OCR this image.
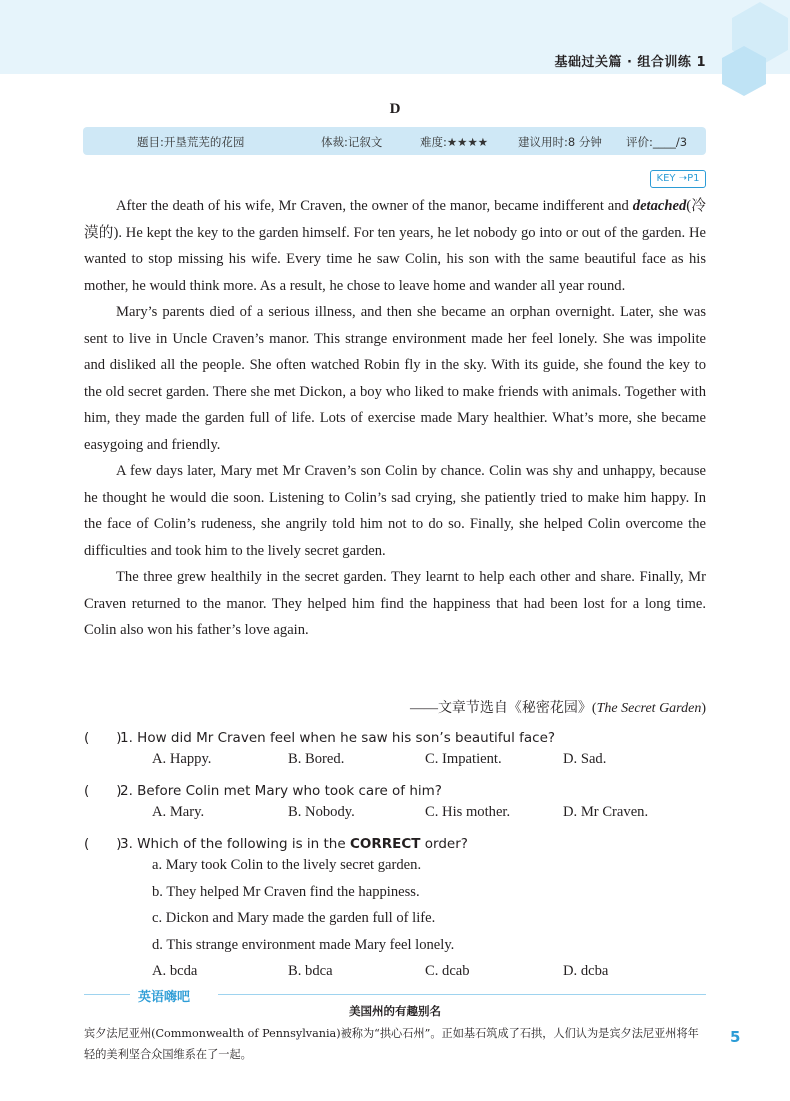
基础过关篇 · 组合训练 1
D
题目:开垦荒芜的花园	体裁:记叙文	难度:★★★★	建议用时:8 分钟 评价:____/3
KEY ➝P1

After the death of his wife, Mr Craven, the owner of the manor, became indifferent and detached(冷漠的). He kept the key to the garden himself. For ten years, he let nobody go into or out of the garden. He wanted to stop missing his wife. Every time he saw Colin, his son with the same beautiful face as his mother, he would think more. As a result, he chose to leave home and wander all year round.

Mary’s parents died of a serious illness, and then she became an orphan overnight. Later, she was sent to live in Uncle Craven’s manor. This strange environment made her feel lonely. She was impolite and disliked all the people. She often watched Robin fly in the sky. With its guide, she found the key to the old secret garden. There she met Dickon, a boy who liked to make friends with animals. Together with him, they made the garden full of life. Lots of exercise made Mary healthier. What’s more, she became easygoing and friendly.

A few days later, Mary met Mr Craven’s son Colin by chance. Colin was shy and unhappy, because he thought he would die soon. Listening to Colin’s sad crying, she patiently tried to make him happy. In the face of Colin’s rudeness, she angrily told him not to do so. Finally, she helped Colin overcome the difficulties and took him to the lively secret garden.

The three grew healthily in the secret garden. They learnt to help each other and share. Finally, Mr Craven returned to the manor. They helped him find the happiness that had been lost for a long time. Colin also won his father’s love again.

——文章节选自《秘密花园》(The Secret Garden)
(　　)1. How did Mr Craven feel when he saw his son’s beautiful face?
A. Happy.	B. Bored.	C. Impatient.	D. Sad.
(　　)2. Before Colin met Mary who took care of him?
A. Mary.	B. Nobody.	C. His mother.	D. Mr Craven.
(　　)3. Which of the following is in the CORRECT order?
a. Mary took Colin to the lively secret garden.
b. They helped Mr Craven find the happiness.
c. Dickon and Mary made the garden full of life.
d. This strange environment made Mary feel lonely.
A. bcda	B. bdca	C. dcab	D. dcba
英语嗨吧
美国州的有趣别名
宾夕法尼亚州(Commonwealth of Pennsylvania)被称为“拱心石州”。正如基石筑成了石拱，人们认为是宾夕法尼亚州将年轻的美利坚合众国维系在了一起。
5
